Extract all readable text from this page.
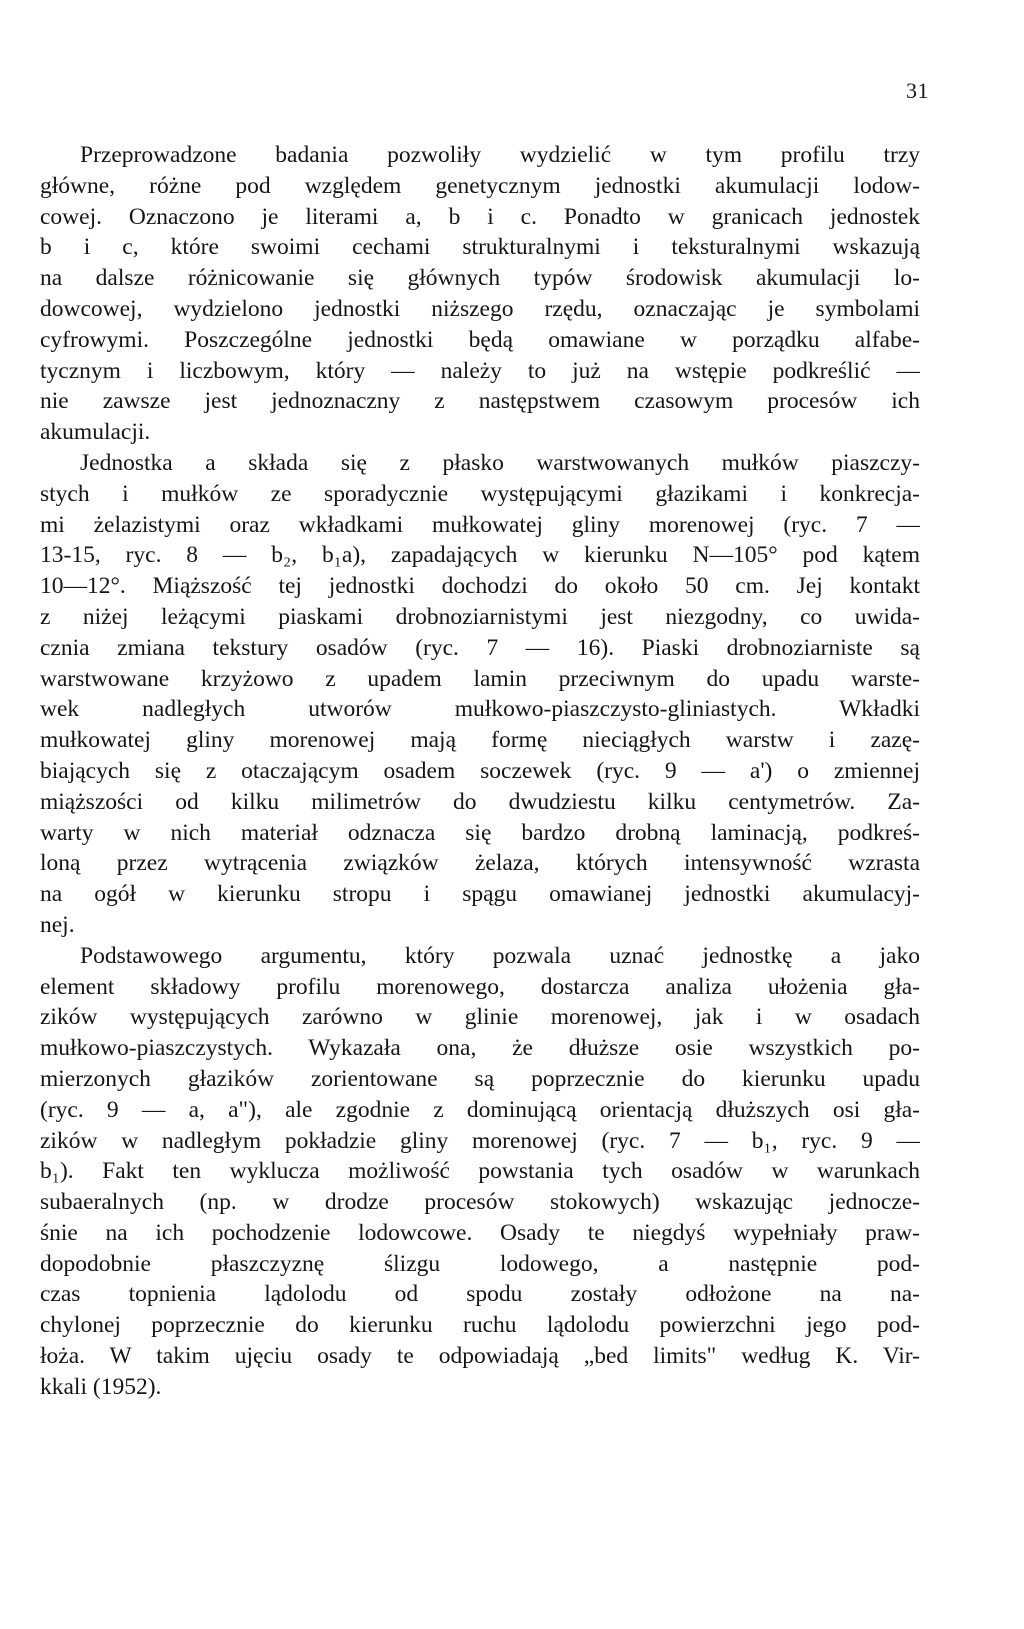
31
Przeprowadzone badania pozwoliły wydzielić w tym profilu trzy
główne, różne pod względem genetycznym jednostki akumulacji lodow-
cowej. Oznaczono je literami a, b i c. Ponadto w granicach jednostek
b i c, które swoimi cechami strukturalnymi i teksturalnymi wskazują
na dalsze różnicowanie się głównych typów środowisk akumulacji lo-
dowcowej, wydzielono jednostki niższego rzędu, oznaczając je symbolami
cyfrowymi. Poszczególne jednostki będą omawiane w porządku alfabe-
tycznym i liczbowym, który — należy to już na wstępie podkreślić —
nie zawsze jest jednoznaczny z następstwem czasowym procesów ich
akumulacji.
Jednostka a składa się z płasko warstwowanych mułków piaszczy-
stych i mułków ze sporadycznie występującymi głazikami i konkrecja-
mi żelazistymi oraz wkładkami mułkowatej gliny morenowej (ryc. 7 —
13-15, ryc. 8 — b₂, b₁a), zapadających w kierunku N—105° pod kątem
10—12°. Miąższość tej jednostki dochodzi do około 50 cm. Jej kontakt
z niżej leżącymi piaskami drobnoziarnistymi jest niezgodny, co uwida-
cznia zmiana tekstury osadów (ryc. 7 — 16). Piaski drobnoziarniste są
warstwowane krzyżowo z upadem lamin przeciwnym do upadu warste-
wek nadległych utworów mułkowo-piaszczysto-gliniastych. Wkładki
mułkowatej gliny morenowej mają formę nieciągłych warstw i zazę-
biających się z otaczającym osadem soczewek (ryc. 9 — a') o zmiennej
miąższości od kilku milimetrów do dwudziestu kilku centymetrów. Za-
warty w nich materiał odznacza się bardzo drobną laminacją, podkreś-
loną przez wytrącenia związków żelaza, których intensywność wzrasta
na ogół w kierunku stropu i spągu omawianej jednostki akumulacyj-
nej.
Podstawowego argumentu, który pozwala uznać jednostkę a jako
element składowy profilu morenowego, dostarcza analiza ułożenia gła-
zików występujących zarówno w glinie morenowej, jak i w osadach
mułkowo-piaszczystych. Wykazała ona, że dłuższe osie wszystkich po-
mierzonych głazików zorientowane są poprzecznie do kierunku upadu
(ryc. 9 — a, a"), ale zgodnie z dominującą orientacją dłuższych osi gła-
zików w nadległym pokładzie gliny morenowej (ryc. 7 — b₁, ryc. 9 —
b₁). Fakt ten wyklucza możliwość powstania tych osadów w warunkach
subaeralnych (np. w drodze procesów stokowych) wskazując jednocze-
śnie na ich pochodzenie lodowcowe. Osady te niegdyś wypełniały praw-
dopodobnie płaszczyznę ślizgu lodowego, a następnie pod-
czas topnienia lądolodu od spodu zostały odłożone na na-
chylonej poprzecznie do kierunku ruchu lądolodu powierzchni jego pod-
łoża. W takim ujęciu osady te odpowiadają „bed limits" według K. Vir-
kkali (1952).
